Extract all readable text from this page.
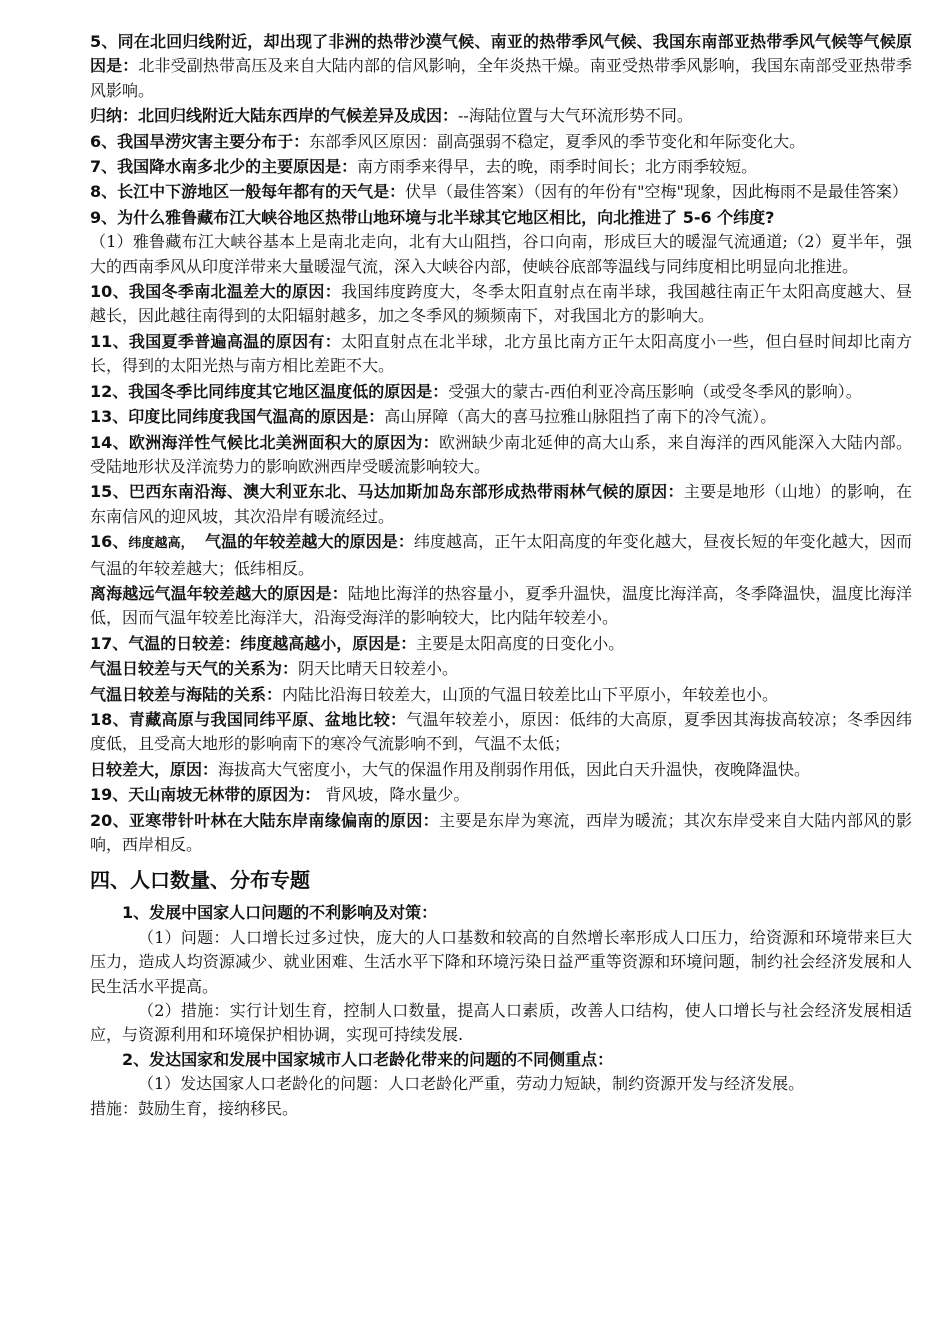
5、同在北回归线附近，却出现了非洲的热带沙漠气候、南亚的热带季风气候、我国东南部亚热带季风气候等气候原因是：北非受副热带高压及来自大陆内部的信风影响，全年炎热干燥。南亚受热带季风影响，我国东南部受亚热带季风影响。

归纳：北回归线附近大陆东西岸的气候差异及成因：--海陆位置与大气环流形势不同。

6、我国旱涝灾害主要分布于：东部季风区原因：副高强弱不稳定，夏季风的季节变化和年际变化大。

7、我国降水南多北少的主要原因是：南方雨季来得早，去的晚，雨季时间长；北方雨季较短。

8、长江中下游地区一般每年都有的天气是：伏旱（最佳答案）（因有的年份有"空梅"现象，因此梅雨不是最佳答案）

9、为什么雅鲁藏布江大峡谷地区热带山地环境与北半球其它地区相比，向北推进了 5-6 个纬度?

（1）雅鲁藏布江大峡谷基本上是南北走向，北有大山阻挡，谷口向南，形成巨大的暖湿气流通道;（2）夏半年，强大的西南季风从印度洋带来大量暖湿气流，深入大峡谷内部，使峡谷底部等温线与同纬度相比明显向北推进。

10、我国冬季南北温差大的原因：我国纬度跨度大，冬季太阳直射点在南半球，我国越往南正午太阳高度越大、昼越长，因此越往南得到的太阳辐射越多，加之冬季风的频频南下，对我国北方的影响大。

11、我国夏季普遍高温的原因有：太阳直射点在北半球，北方虽比南方正午太阳高度小一些，但白昼时间却比南方长，得到的太阳光热与南方相比差距不大。

12、我国冬季比同纬度其它地区温度低的原因是：受强大的蒙古-西伯利亚冷高压影响（或受冬季风的影响）。

13、印度比同纬度我国气温高的原因是：高山屏障（高大的喜马拉雅山脉阻挡了南下的冷气流）。

14、欧洲海洋性气候比北美洲面积大的原因为：欧洲缺少南北延伸的高大山系，来自海洋的西风能深入大陆内部。受陆地形状及洋流势力的影响欧洲西岸受暖流影响较大。

15、巴西东南沿海、澳大利亚东北、马达加斯加岛东部形成热带雨林气候的原因：主要是地形（山地）的影响，在东南信风的迎风坡，其次沿岸有暖流经过。

16、纬度越高，  气温的年较差越大的原因是：纬度越高，正午太阳高度的年变化越大，昼夜长短的年变化越大，因而气温的年较差越大；低纬相反。

离海越远气温年较差越大的原因是：陆地比海洋的热容量小，夏季升温快，温度比海洋高，冬季降温快，温度比海洋低，因而气温年较差比海洋大，沿海受海洋的影响较大，比内陆年较差小。

17、气温的日较差：纬度越高越小，原因是：主要是太阳高度的日变化小。

气温日较差与天气的关系为：阴天比晴天日较差小。

气温日较差与海陆的关系：内陆比沿海日较差大，山顶的气温日较差比山下平原小，年较差也小。

18、青藏高原与我国同纬平原、盆地比较：气温年较差小，原因：低纬的大高原，夏季因其海拔高较凉；冬季因纬度低，且受高大地形的影响南下的寒冷气流影响不到，气温不太低；

日较差大，原因：海拔高大气密度小，大气的保温作用及削弱作用低，因此白天升温快，夜晚降温快。

19、天山南坡无林带的原因为： 背风坡，降水量少。

20、亚寒带针叶林在大陆东岸南缘偏南的原因：主要是东岸为寒流，西岸为暖流；其次东岸受来自大陆内部风的影响，西岸相反。

四、人口数量、分布专题

1、发展中国家人口问题的不利影响及对策：

（1）问题：人口增长过多过快，庞大的人口基数和较高的自然增长率形成人口压力，给资源和环境带来巨大压力，造成人均资源减少、就业困难、生活水平下降和环境污染日益严重等资源和环境问题，制约社会经济发展和人民生活水平提高。

（2）措施：实行计划生育，控制人口数量，提高人口素质，改善人口结构，使人口增长与社会经济发展相适应，与资源利用和环境保护相协调，实现可持续发展.

2、发达国家和发展中国家城市人口老龄化带来的问题的不同侧重点：

（1）发达国家人口老龄化的问题：人口老龄化严重，劳动力短缺，制约资源开发与经济发展。

措施：鼓励生育，接纳移民。
